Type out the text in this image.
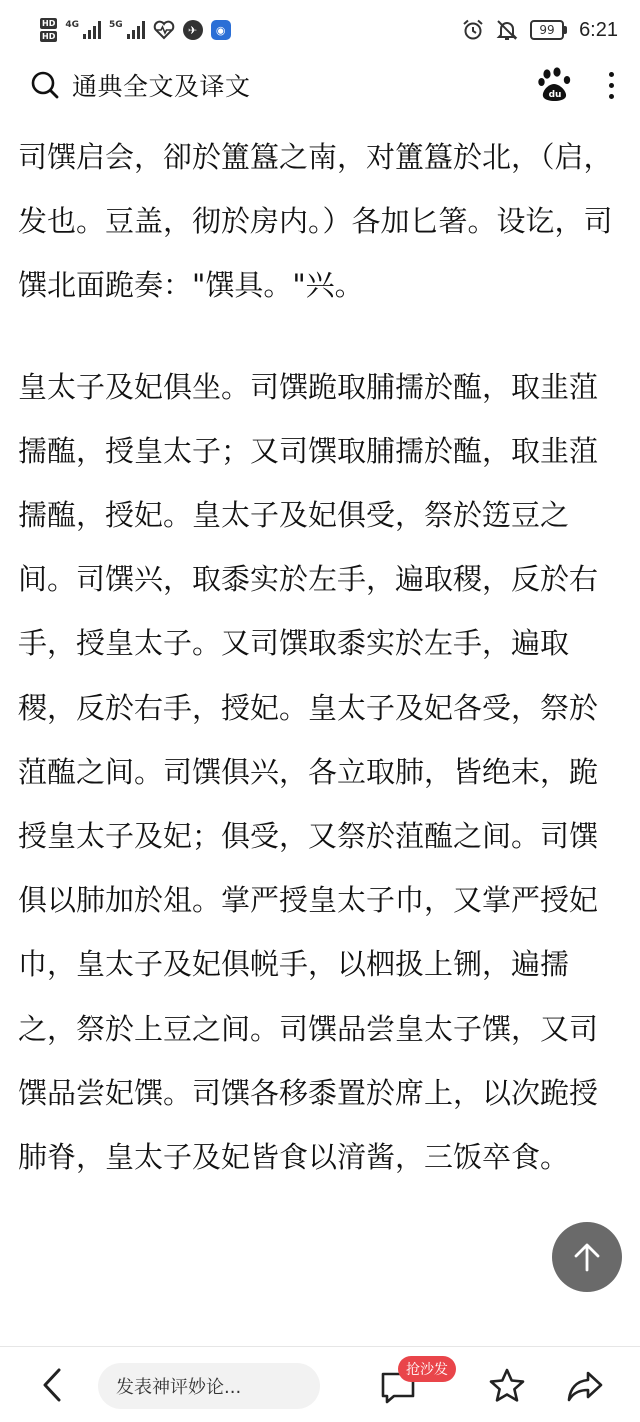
HD
HD
4G	5G	✈	◉	99 6:21
通典全文及译文	du

司馔启会，卻於簠簋之南，对簠簋於北，（启，发也。豆盖，彻於房内。）各加匕箸。设讫，司馔北面跪奏："馔具。"兴。

皇太子及妃俱坐。司馔跪取脯擩於醢，取韭菹擩醢，授皇太子；又司馔取脯擩於醢，取韭菹擩醢，授妃。皇太子及妃俱受，祭於笾豆之间。司馔兴，取黍实於左手，遍取稷，反於右手，授皇太子。又司馔取黍实於左手，遍取稷，反於右手，授妃。皇太子及妃各受，祭於菹醢之间。司馔俱兴，各立取肺，皆绝末，跪授皇太子及妃；俱受，又祭於菹醢之间。司馔俱以肺加於俎。掌严授皇太子巾，又掌严授妃巾，皇太子及妃俱帨手，以柶扱上铏，遍擩之，祭於上豆之间。司馔品尝皇太子馔，又司馔品尝妃馔。司馔各移黍置於席上，以次跪授肺脊，皇太子及妃皆食以湇酱，三饭卒食。

发表神评妙论...
抢沙发
